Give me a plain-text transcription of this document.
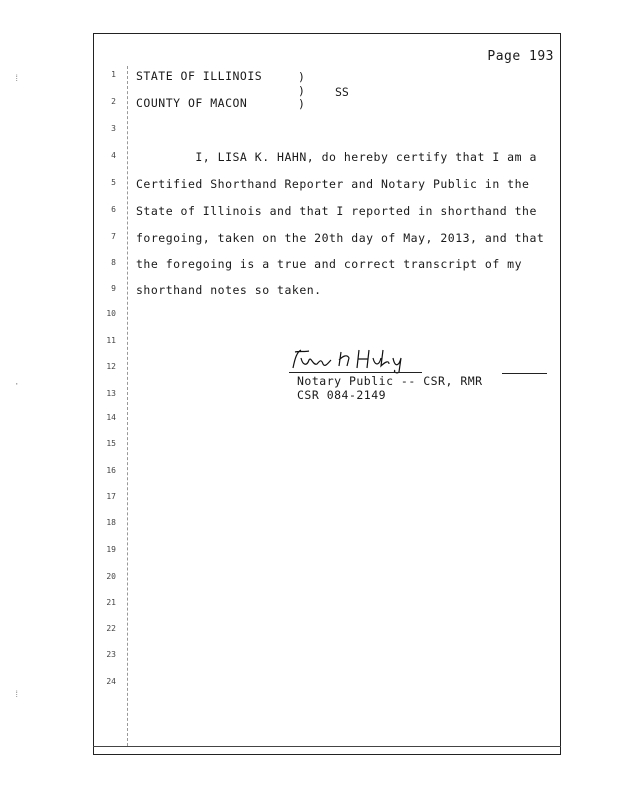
⁞
·
⁞
Page 193
1
2
3
4
5
6
7
8
9
10
11
12
13
14
15
16
17
18
19
20
21
22
23
24
STATE OF ILLINOIS
COUNTY OF MACON
)
)
)
SS
I, LISA K. HAHN, do hereby certify that I am a
Certified Shorthand Reporter and Notary Public in the
State of Illinois and that I reported in shorthand the
foregoing, taken on the 20th day of May, 2013, and that
the foregoing is a true and correct transcript of my
shorthand notes so taken.
Notary Public -- CSR, RMR
CSR 084-2149
